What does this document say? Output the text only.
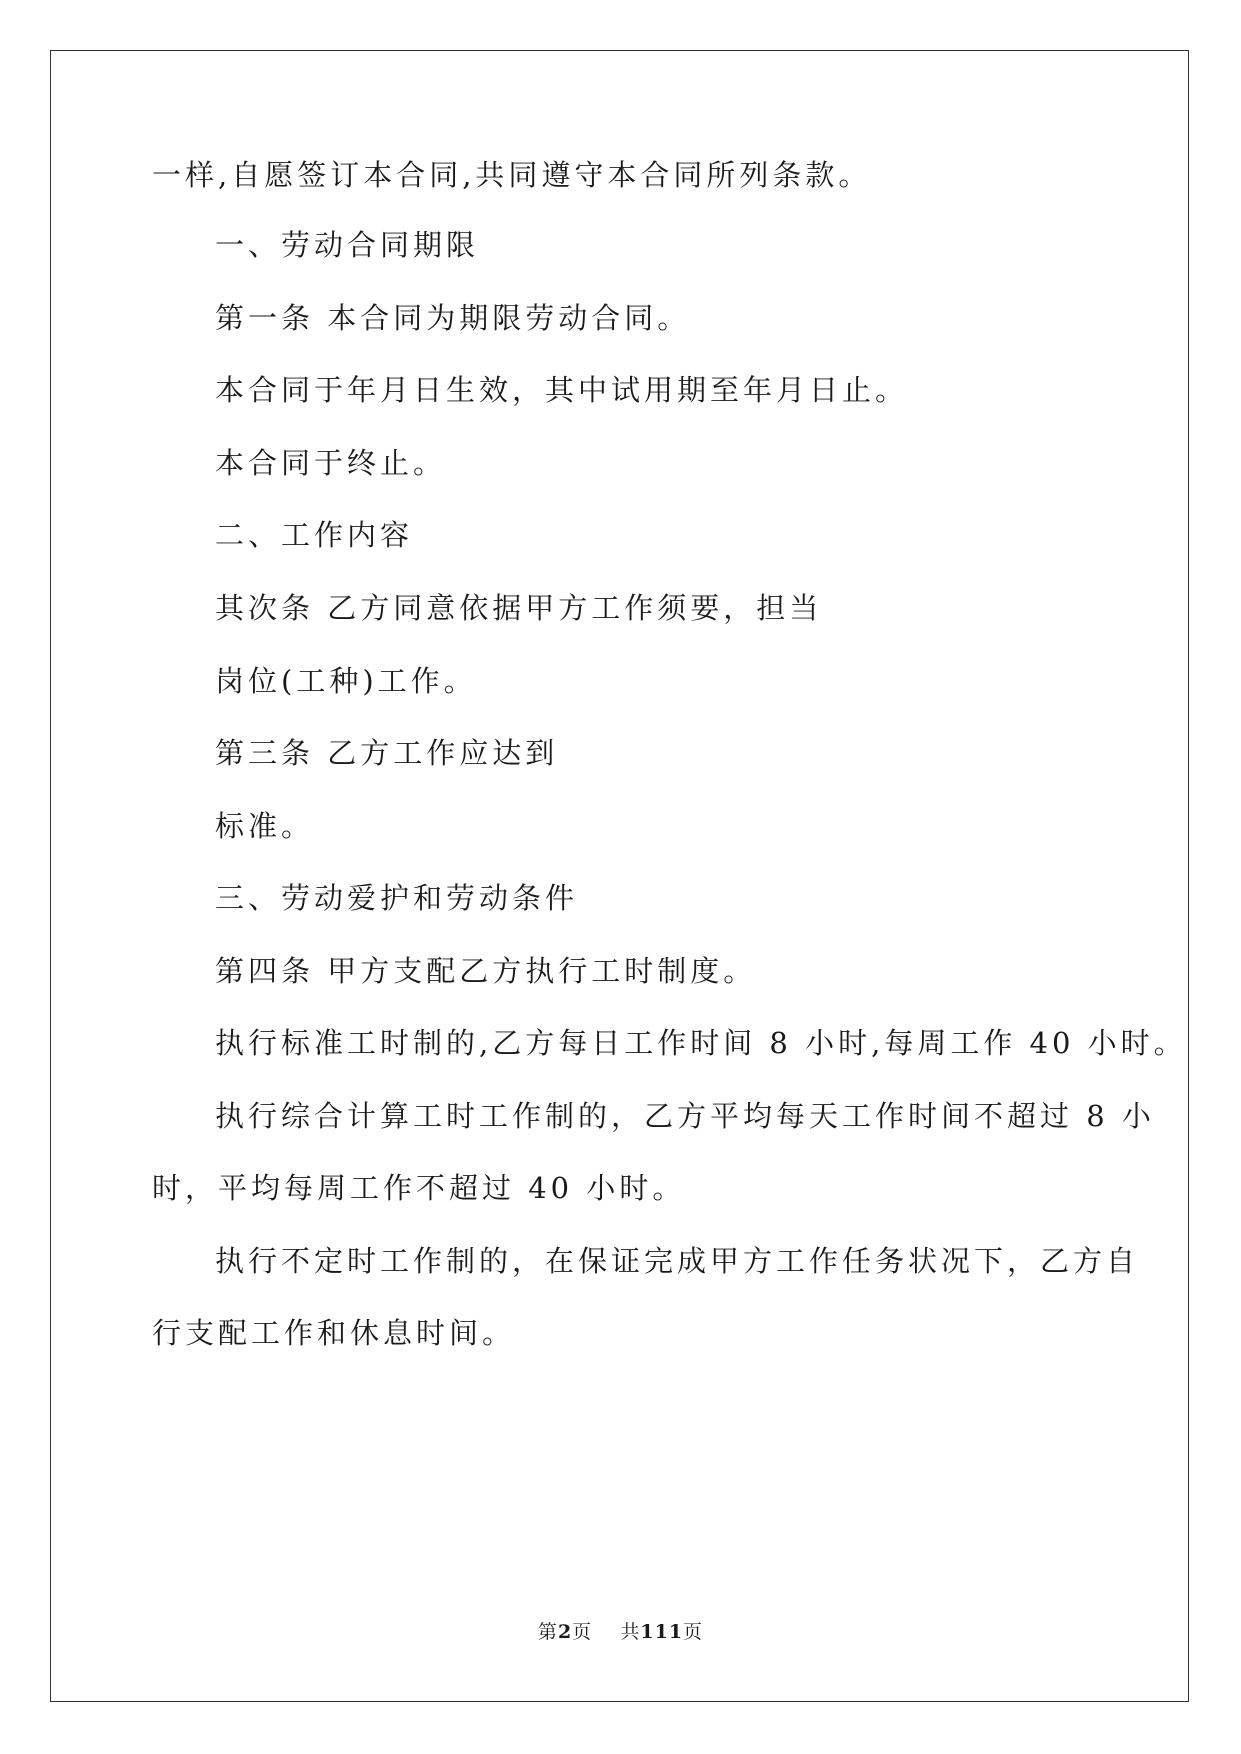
一样,自愿签订本合同,共同遵守本合同所列条款。
一、劳动合同期限
第一条 本合同为期限劳动合同。
本合同于年月日生效，其中试用期至年月日止。
本合同于终止。
二、工作内容
其次条 乙方同意依据甲方工作须要，担当
岗位(工种)工作。
第三条 乙方工作应达到
标准。
三、劳动爱护和劳动条件
第四条 甲方支配乙方执行工时制度。
执行标准工时制的,乙方每日工作时间 8 小时,每周工作 40 小时。
执行综合计算工时工作制的，乙方平均每天工作时间不超过 8 小
时，平均每周工作不超过 40 小时。
执行不定时工作制的，在保证完成甲方工作任务状况下，乙方自
行支配工作和休息时间。
第2页 共111页
